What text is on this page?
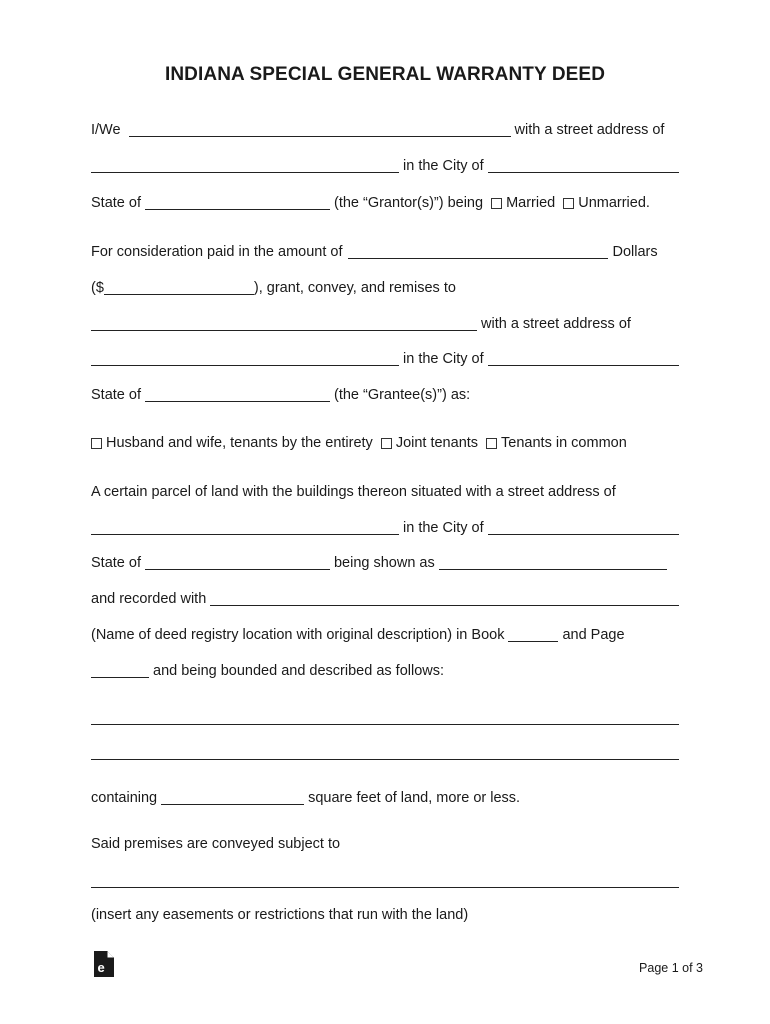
INDIANA SPECIAL GENERAL WARRANTY DEED
I/We	with a street address of
in the City of
State of	(the “Grantor(s)”) being Married Unmarried.
For consideration paid in the amount of	Dollars
($	), grant, convey, and remises to
with a street address of
in the City of
State of	(the “Grantee(s)”) as:
Husband and wife, tenants by the entirety Joint tenants Tenants in common
A certain parcel of land with the buildings thereon situated with a street address of
in the City of
State of	being shown as
and recorded with
(Name of deed registry location with original description) in Book	and Page
and being bounded and described as follows:
containing	square feet of land, more or less.
Said premises are conveyed subject to
(insert any easements or restrictions that run with the land)
e	Page 1 of 3
